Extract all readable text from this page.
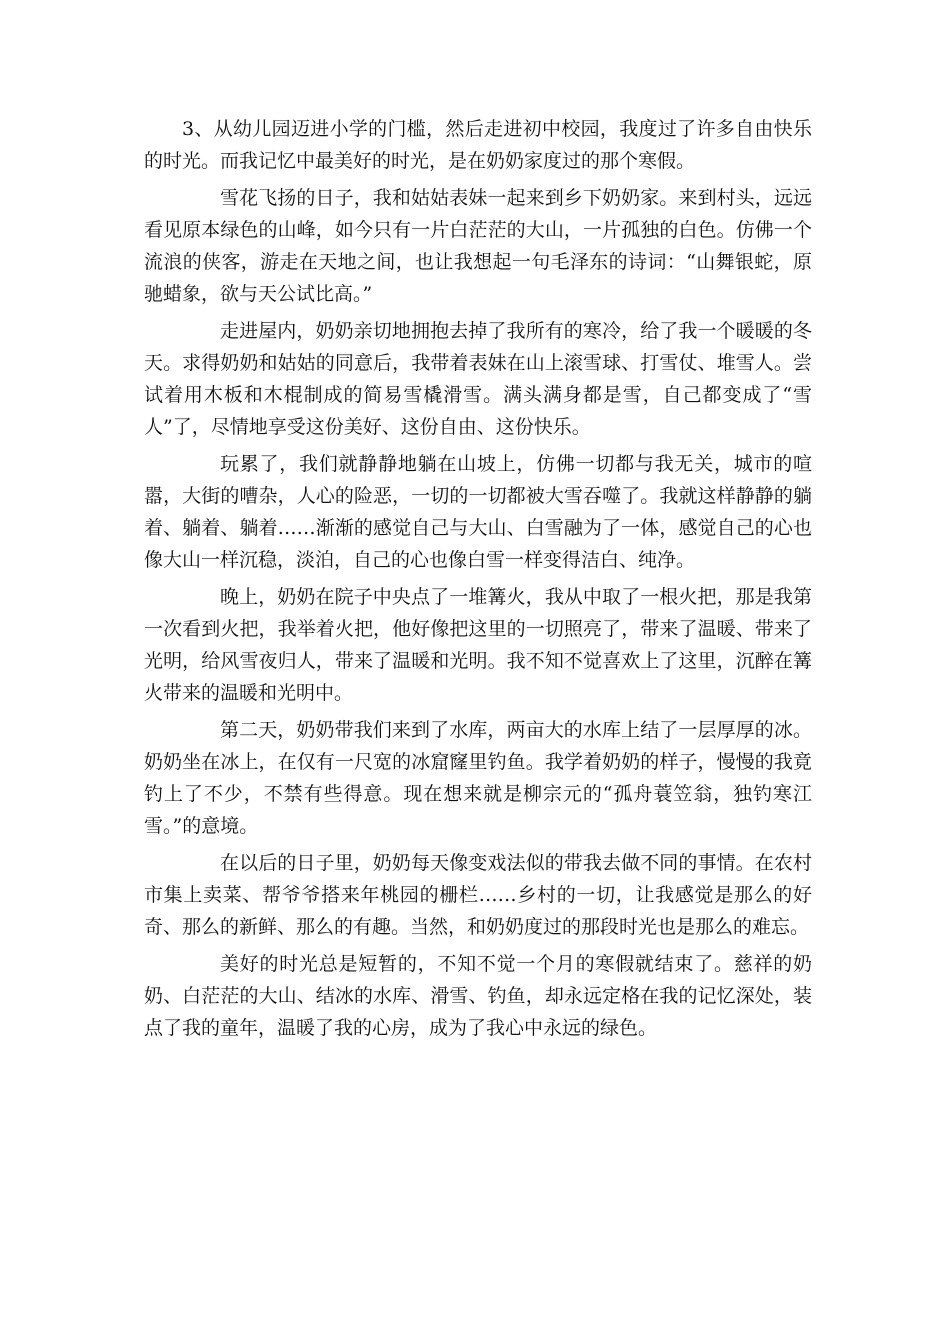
3、从幼儿园迈进小学的门槛，然后走进初中校园，我度过了许多自由快乐的时光。而我记忆中最美好的时光，是在奶奶家度过的那个寒假。

雪花飞扬的日子，我和姑姑表妹一起来到乡下奶奶家。来到村头，远远看见原本绿色的山峰，如今只有一片白茫茫的大山，一片孤独的白色。仿佛一个流浪的侠客，游走在天地之间，也让我想起一句毛泽东的诗词：“山舞银蛇，原驰蜡象，欲与天公试比高。”

走进屋内，奶奶亲切地拥抱去掉了我所有的寒冷，给了我一个暖暖的冬天。求得奶奶和姑姑的同意后，我带着表妹在山上滚雪球、打雪仗、堆雪人。尝试着用木板和木棍制成的简易雪橇滑雪。满头满身都是雪，自己都变成了“雪人”了，尽情地享受这份美好、这份自由、这份快乐。

玩累了，我们就静静地躺在山坡上，仿佛一切都与我无关，城市的喧嚣，大街的嘈杂，人心的险恶，一切的一切都被大雪吞噬了。我就这样静静的躺着、躺着、躺着……渐渐的感觉自己与大山、白雪融为了一体，感觉自己的心也像大山一样沉稳，淡泊，自己的心也像白雪一样变得洁白、纯净。

晚上，奶奶在院子中央点了一堆篝火，我从中取了一根火把，那是我第一次看到火把，我举着火把，他好像把这里的一切照亮了，带来了温暖、带来了光明，给风雪夜归人，带来了温暖和光明。我不知不觉喜欢上了这里，沉醉在篝火带来的温暖和光明中。

第二天，奶奶带我们来到了水库，两亩大的水库上结了一层厚厚的冰。奶奶坐在冰上，在仅有一尺宽的冰窟窿里钓鱼。我学着奶奶的样子，慢慢的我竟钓上了不少，不禁有些得意。现在想来就是柳宗元的“孤舟蓑笠翁，独钓寒江雪。”的意境。

在以后的日子里，奶奶每天像变戏法似的带我去做不同的事情。在农村市集上卖菜、帮爷爷搭来年桃园的栅栏……乡村的一切，让我感觉是那么的好奇、那么的新鲜、那么的有趣。当然，和奶奶度过的那段时光也是那么的难忘。

美好的时光总是短暂的，不知不觉一个月的寒假就结束了。慈祥的奶奶、白茫茫的大山、结冰的水库、滑雪、钓鱼，却永远定格在我的记忆深处，装点了我的童年，温暖了我的心房，成为了我心中永远的绿色。
